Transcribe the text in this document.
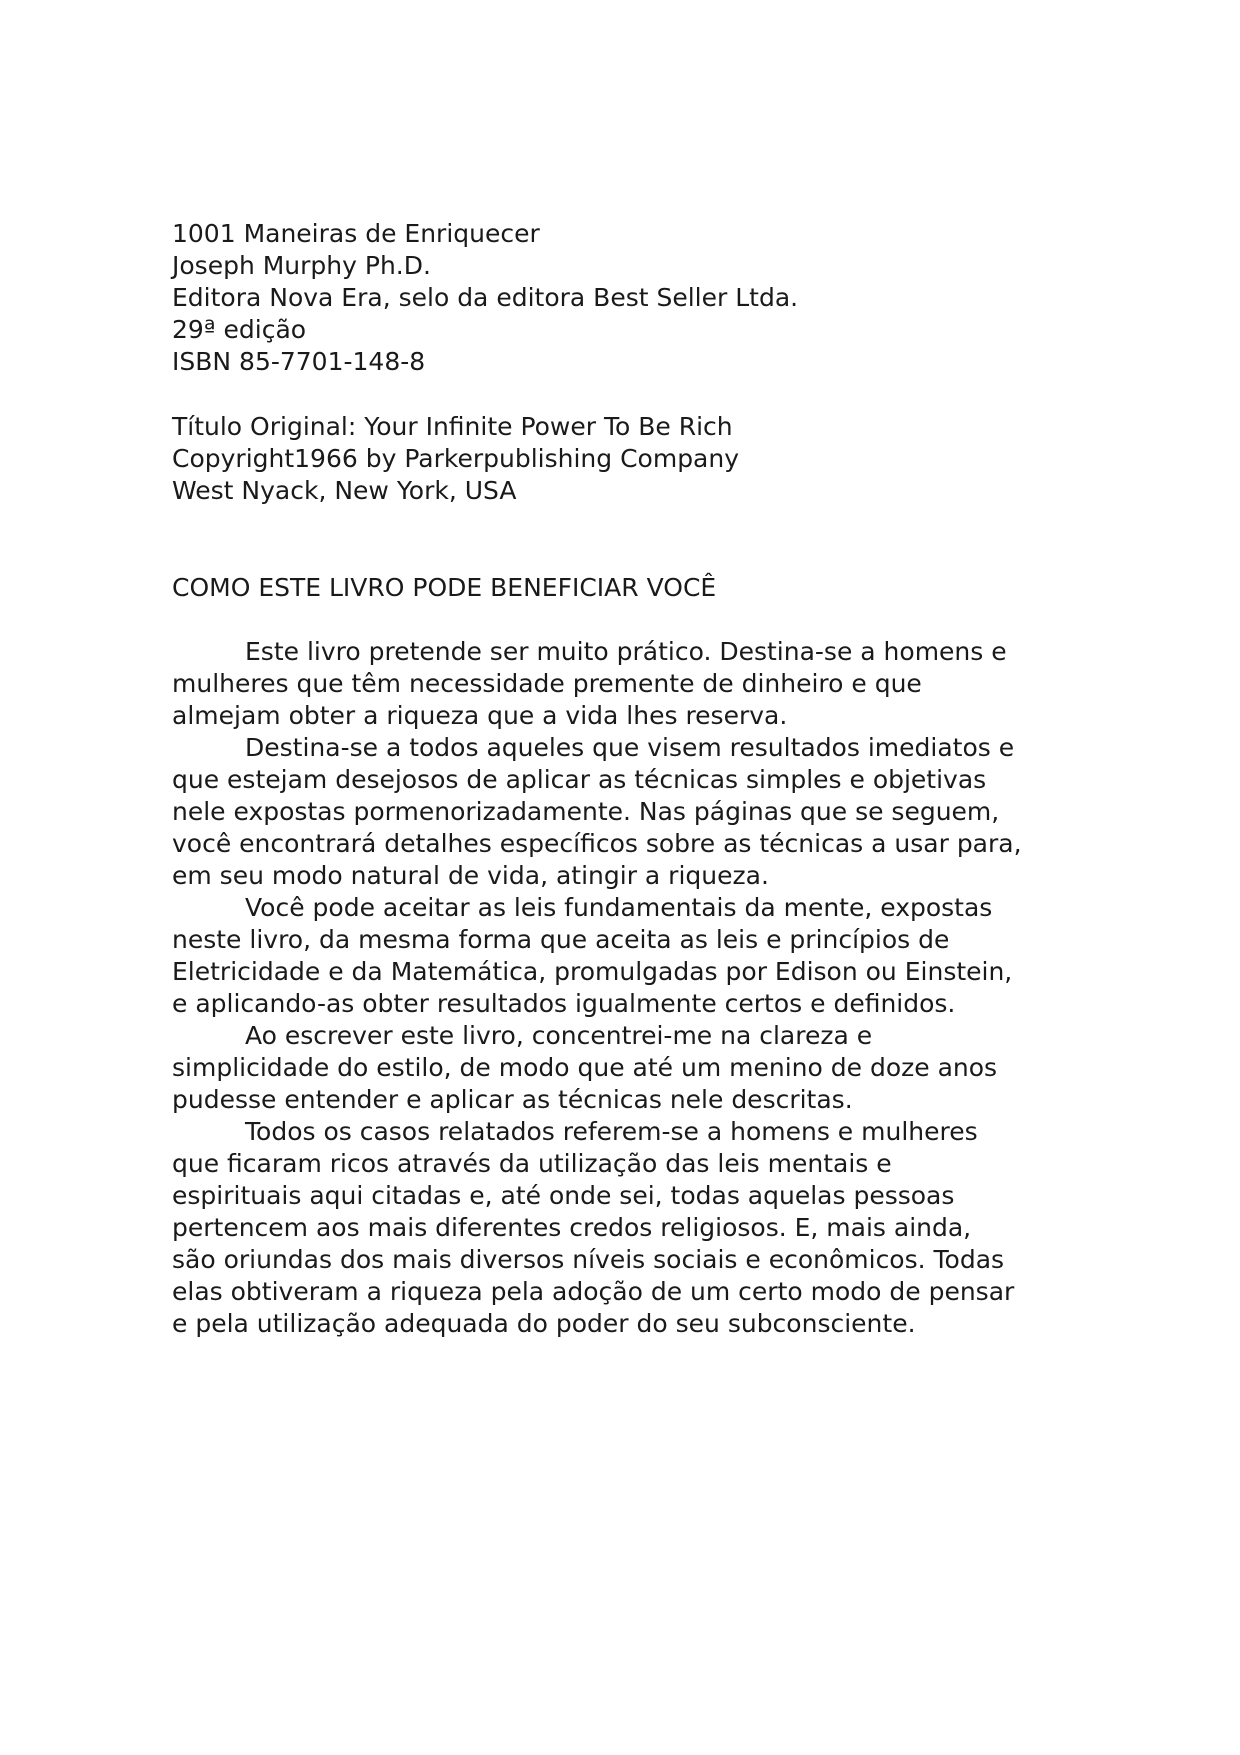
1001 Maneiras de Enriquecer
Joseph Murphy Ph.D.
Editora Nova Era, selo da editora Best Seller Ltda.
29ª edição
ISBN 85-7701-148-8
Título Original: Your Infinite Power To Be Rich
Copyright1966 by Parkerpublishing Company
West Nyack, New York, USA
COMO ESTE LIVRO PODE BENEFICIAR VOCÊ
Este livro pretende ser muito prático. Destina-se a homens e
mulheres que têm necessidade premente de dinheiro e que
almejam obter a riqueza que a vida lhes reserva.
Destina-se a todos aqueles que visem resultados imediatos e
que estejam desejosos de aplicar as técnicas simples e objetivas
nele expostas pormenorizadamente. Nas páginas que se seguem,
você encontrará detalhes específicos sobre as técnicas a usar para,
em seu modo natural de vida, atingir a riqueza.
Você pode aceitar as leis fundamentais da mente, expostas
neste livro, da mesma forma que aceita as leis e princípios de
Eletricidade e da Matemática, promulgadas por Edison ou Einstein,
e aplicando-as obter resultados igualmente certos e definidos.
Ao escrever este livro, concentrei-me na clareza e
simplicidade do estilo, de modo que até um menino de doze anos
pudesse entender e aplicar as técnicas nele descritas.
Todos os casos relatados referem-se a homens e mulheres
que ficaram ricos através da utilização das leis mentais e
espirituais aqui citadas e, até onde sei, todas aquelas pessoas
pertencem aos mais diferentes credos religiosos. E, mais ainda,
são oriundas dos mais diversos níveis sociais e econômicos. Todas
elas obtiveram a riqueza pela adoção de um certo modo de pensar
e pela utilização adequada do poder do seu subconsciente.
